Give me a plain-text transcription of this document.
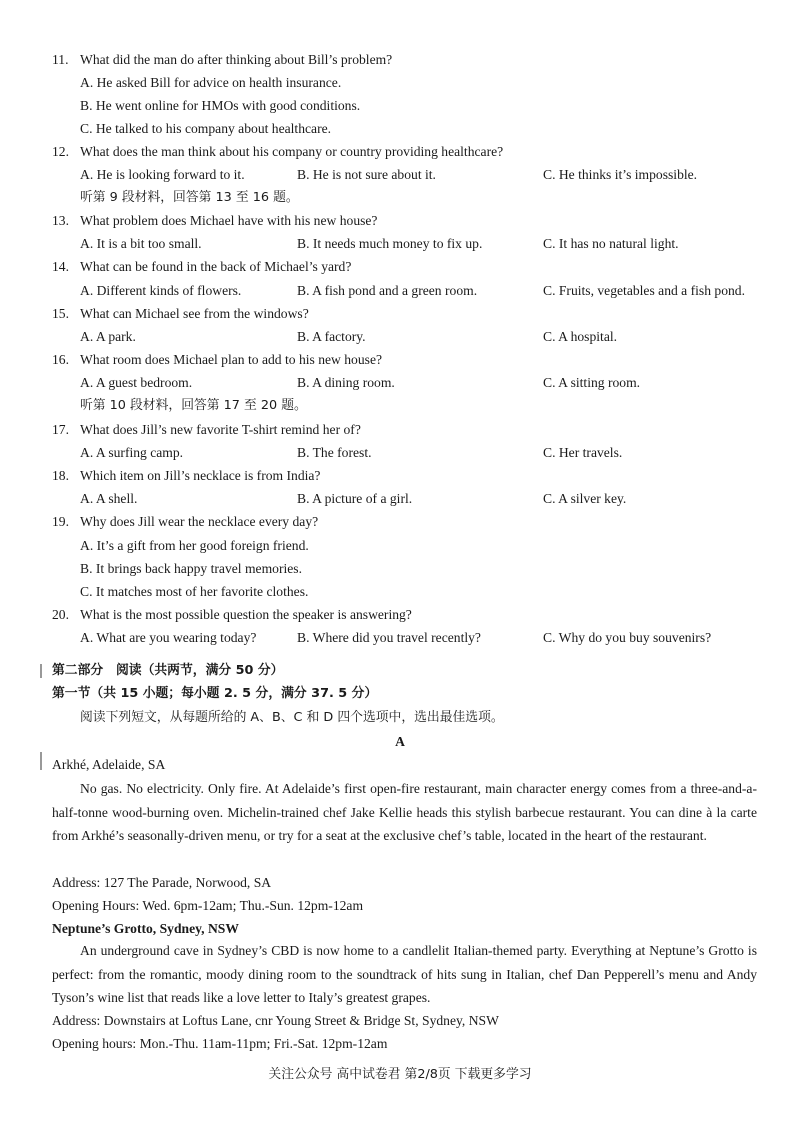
11. What did the man do after thinking about Bill’s problem?
A. He asked Bill for advice on health insurance.
B. He went online for HMOs with good conditions.
C. He talked to his company about healthcare.
12. What does the man think about his company or country providing healthcare?
A. He is looking forward to it.	B. He is not sure about it.	C. He thinks it’s impossible.
听第 9 段材料，回答第 13 至 16 题。
13. What problem does Michael have with his new house?
A. It is a bit too small.	B. It needs much money to fix up.	C. It has no natural light.
14. What can be found in the back of Michael’s yard?
A. Different kinds of flowers.	B. A fish pond and a green room.	C. Fruits, vegetables and a fish pond.
15. What can Michael see from the windows?
A. A park.	B. A factory.	C. A hospital.
16. What room does Michael plan to add to his new house?
A. A guest bedroom.	B. A dining room.	C. A sitting room.
听第 10 段材料，回答第 17 至 20 题。
17. What does Jill’s new favorite T-shirt remind her of?
A. A surfing camp.	B. The forest.	C. Her travels.
18. Which item on Jill’s necklace is from India?
A. A shell.	B. A picture of a girl.	C. A silver key.
19. Why does Jill wear the necklace every day?
A. It’s a gift from her good foreign friend.
B. It brings back happy travel memories.
C. It matches most of her favorite clothes.
20. What is the most possible question the speaker is answering?
A. What are you wearing today?	B. Where did you travel recently?	C. Why do you buy souvenirs?
第二部分　阅读（共两节，满分 50 分）
第一节（共 15 小题；每小题 2. 5 分，满分 37. 5 分）
阅读下列短文，从每题所给的 A、B、C 和 D 四个选项中，选出最佳选项。
A
Arkhé, Adelaide, SA
No gas. No electricity. Only fire. At Adelaide’s first open-fire restaurant, main character energy comes from a three-and-a-half-tonne wood-burning oven. Michelin-trained chef Jake Kellie heads this stylish barbecue restaurant. You can dine à la carte from Arkhé’s seasonally-driven menu, or try for a seat at the exclusive chef’s table, located in the heart of the restaurant.
Address: 127 The Parade, Norwood, SA
Opening Hours: Wed. 6pm-12am; Thu.-Sun. 12pm-12am
Neptune’s Grotto, Sydney, NSW
An underground cave in Sydney’s CBD is now home to a candlelit Italian-themed party. Everything at Neptune’s Grotto is perfect: from the romantic, moody dining room to the soundtrack of hits sung in Italian, chef Dan Pepperell’s menu and Andy Tyson’s wine list that reads like a love letter to Italy’s greatest grapes.
Address: Downstairs at Loftus Lane, cnr Young Street & Bridge St, Sydney, NSW
Opening hours: Mon.-Thu. 11am-11pm; Fri.-Sat. 12pm-12am
关注公众号 高中试卷君 第2/8页 下载更多学习
